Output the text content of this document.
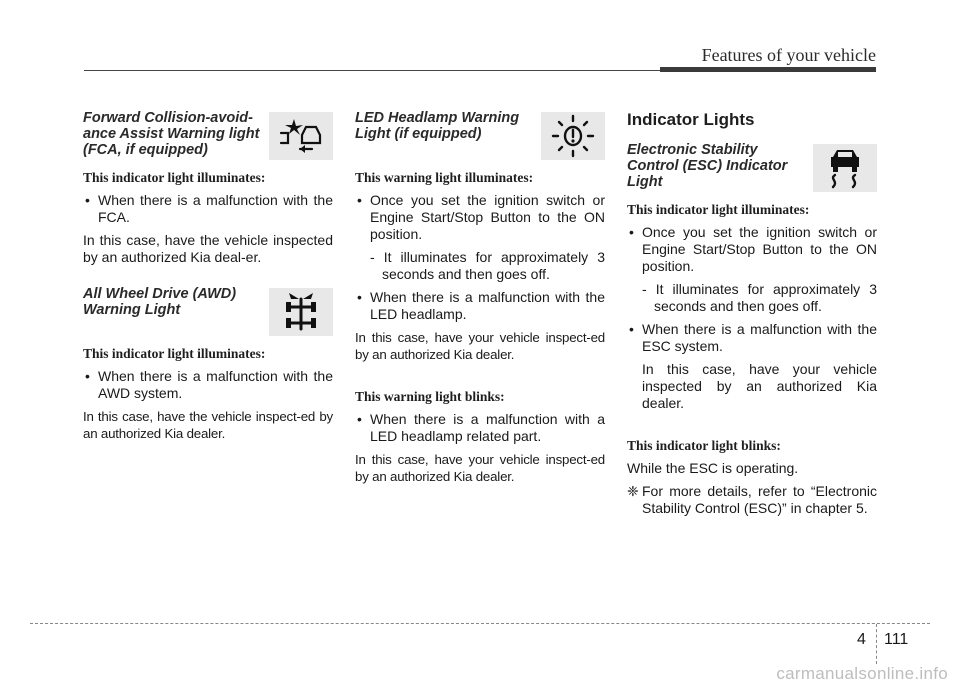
Features of your vehicle
Forward Collision-avoid-ance Assist Warning light (FCA, if equipped)
This indicator light illuminates:
• When there is a malfunction with the FCA.
In this case, have the vehicle inspected by an authorized Kia deal-er.
All Wheel Drive (AWD) Warning Light
This indicator light illuminates:
• When there is a malfunction with the AWD system.
In this case, have the vehicle inspect-ed by an authorized Kia dealer.
LED Headlamp Warning Light (if equipped)
This warning light illuminates:
• Once you set the ignition switch or Engine Start/Stop Button to the ON position.
- It illuminates for approximately 3 seconds and then goes off.
• When there is a malfunction with the LED headlamp.
In this case, have your vehicle inspect-ed by an authorized Kia dealer.
This warning light blinks:
• When there is a malfunction with a LED headlamp related part.
In this case, have your vehicle inspect-ed by an authorized Kia dealer.
Indicator Lights
Electronic Stability Control (ESC) Indicator Light
This indicator light illuminates:
• Once you set the ignition switch or Engine Start/Stop Button to the ON position.
- It illuminates for approximately 3 seconds and then goes off.
• When there is a malfunction with the ESC system.
In this case, have your vehicle inspected by an authorized Kia dealer.
This indicator light blinks:
While the ESC is operating.
❈ For more details, refer to “Electronic Stability Control (ESC)” in chapter 5.
4 111
carmanualsonline.info
